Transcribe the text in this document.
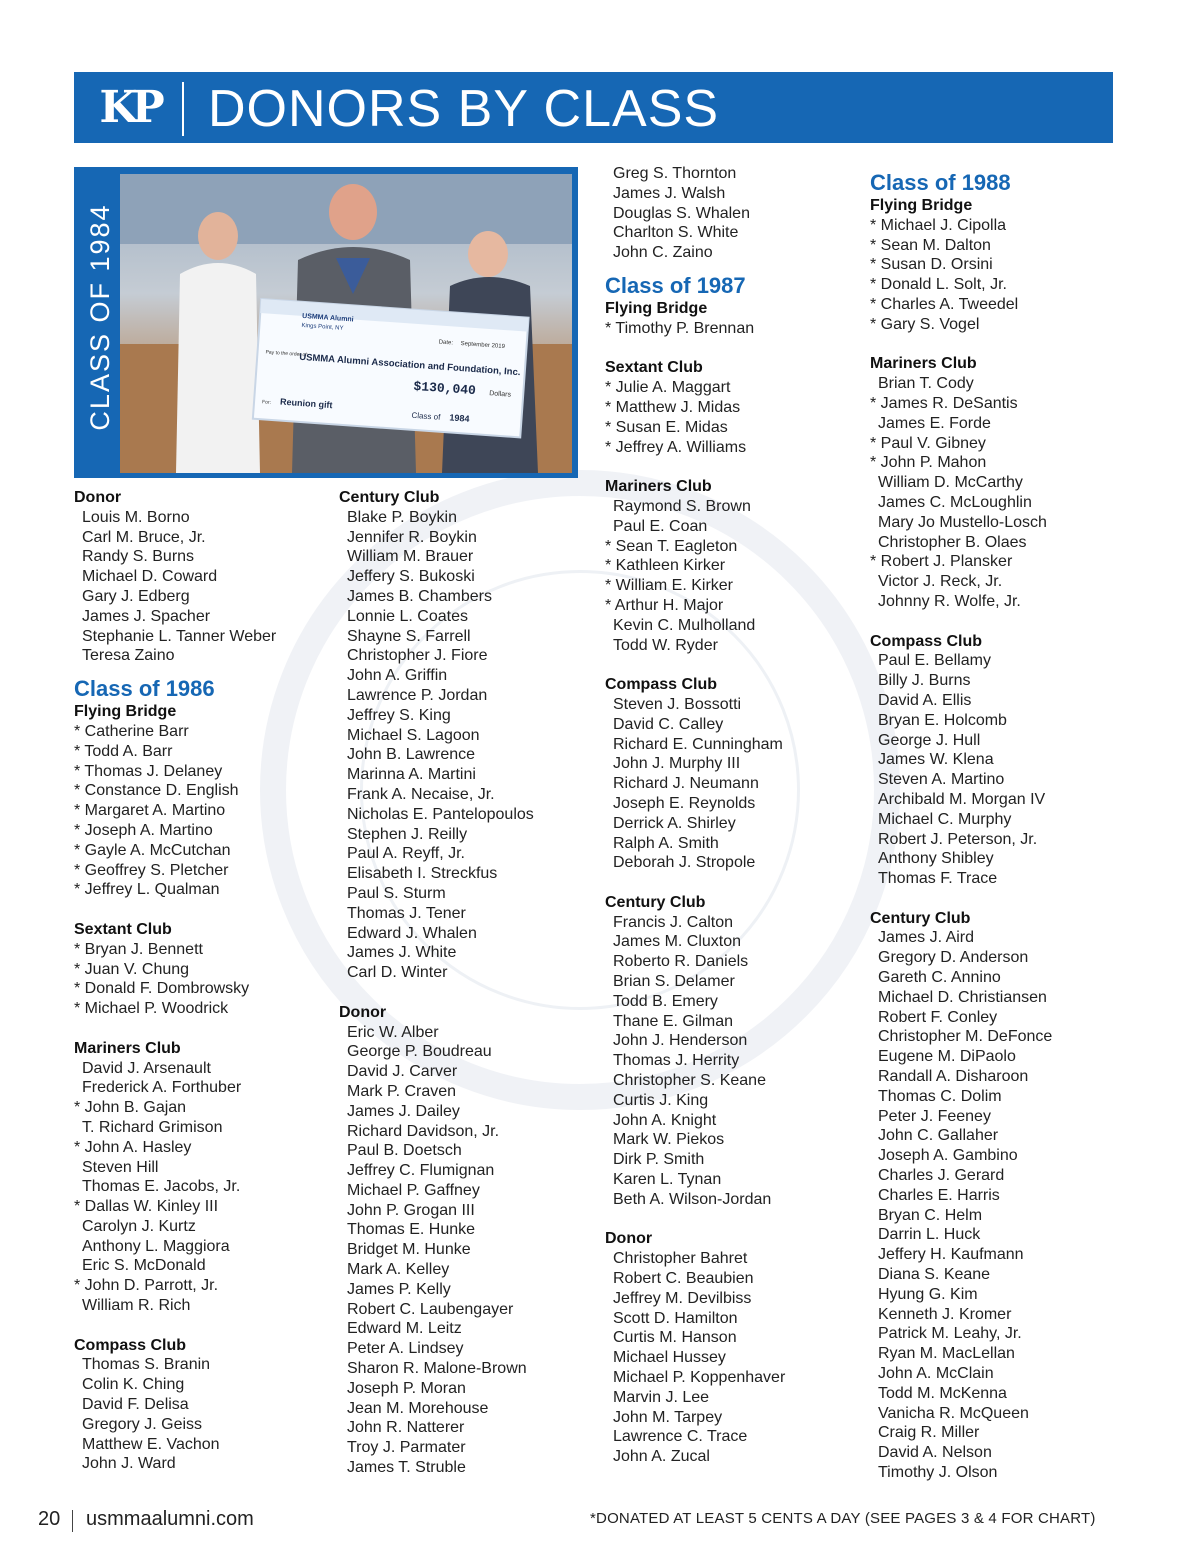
KP DONORS BY CLASS
CLASS OF 1984	USMMA Alumni
Kings Point, NY
Date: September 2019
Pay to the order of:
USMMA Alumni Association and Foundation, Inc.
$130,040 Dollars
For: Reunion gift
Class of 1984
Donor
Louis M. Borno
Carl M. Bruce, Jr.
Randy S. Burns
Michael D. Coward
Gary J. Edberg
James J. Spacher
Stephanie L. Tanner Weber
Teresa Zaino
Class of 1986
Flying Bridge
* Catherine Barr
* Todd A. Barr
* Thomas J. Delaney
* Constance D. English
* Margaret A. Martino
* Joseph A. Martino
* Gayle A. McCutchan
* Geoffrey S. Pletcher
* Jeffrey L. Qualman
Sextant Club
* Bryan J. Bennett
* Juan V. Chung
* Donald F. Dombrowsky
* Michael P. Woodrick
Mariners Club
David J. Arsenault
Frederick A. Forthuber
* John B. Gajan
T. Richard Grimison
* John A. Hasley
Steven Hill
Thomas E. Jacobs, Jr.
* Dallas W. Kinley III
Carolyn J. Kurtz
Anthony L. Maggiora
Eric S. McDonald
* John D. Parrott, Jr.
William R. Rich
Compass Club
Thomas S. Branin
Colin K. Ching
David F. Delisa
Gregory J. Geiss
Matthew E. Vachon
John J. Ward
Century Club
Blake P. Boykin
Jennifer R. Boykin
William M. Brauer
Jeffery S. Bukoski
James B. Chambers
Lonnie L. Coates
Shayne S. Farrell
Christopher J. Fiore
John A. Griffin
Lawrence P. Jordan
Jeffrey S. King
Michael S. Lagoon
John B. Lawrence
Marinna A. Martini
Frank A. Necaise, Jr.
Nicholas E. Pantelopoulos
Stephen J. Reilly
Paul A. Reyff, Jr.
Elisabeth I. Streckfus
Paul S. Sturm
Thomas J. Tener
Edward J. Whalen
James J. White
Carl D. Winter
Donor
Eric W. Alber
George P. Boudreau
David J. Carver
Mark P. Craven
James J. Dailey
Richard Davidson, Jr.
Paul B. Doetsch
Jeffrey C. Flumignan
Michael P. Gaffney
John P. Grogan III
Thomas E. Hunke
Bridget M. Hunke
Mark A. Kelley
James P. Kelly
Robert C. Laubengayer
Edward M. Leitz
Peter A. Lindsey
Sharon R. Malone-Brown
Joseph P. Moran
Jean M. Morehouse
John R. Natterer
Troy J. Parmater
James T. Struble
Greg S. Thornton
James J. Walsh
Douglas S. Whalen
Charlton S. White
John C. Zaino
Class of 1987
Flying Bridge
* Timothy P. Brennan
Sextant Club
* Julie A. Maggart
* Matthew J. Midas
* Susan E. Midas
* Jeffrey A. Williams
Mariners Club
Raymond S. Brown
Paul E. Coan
* Sean T. Eagleton
* Kathleen Kirker
* William E. Kirker
* Arthur H. Major
Kevin C. Mulholland
Todd W. Ryder
Compass Club
Steven J. Bossotti
David C. Calley
Richard E. Cunningham
John J. Murphy III
Richard J. Neumann
Joseph E. Reynolds
Derrick A. Shirley
Ralph A. Smith
Deborah J. Stropole
Century Club
Francis J. Calton
James M. Cluxton
Roberto R. Daniels
Brian S. Delamer
Todd B. Emery
Thane E. Gilman
John J. Henderson
Thomas J. Herrity
Christopher S. Keane
Curtis J. King
John A. Knight
Mark W. Piekos
Dirk P. Smith
Karen L. Tynan
Beth A. Wilson-Jordan
Donor
Christopher Bahret
Robert C. Beaubien
Jeffrey M. Devilbiss
Scott D. Hamilton
Curtis M. Hanson
Michael Hussey
Michael P. Koppenhaver
Marvin J. Lee
John M. Tarpey
Lawrence C. Trace
John A. Zucal
Class of 1988
Flying Bridge
* Michael J. Cipolla
* Sean M. Dalton
* Susan D. Orsini
* Donald L. Solt, Jr.
* Charles A. Tweedel
* Gary S. Vogel
Mariners Club
Brian T. Cody
* James R. DeSantis
James E. Forde
* Paul V. Gibney
* John P. Mahon
William D. McCarthy
James C. McLoughlin
Mary Jo Mustello-Losch
Christopher B. Olaes
* Robert J. Plansker
Victor J. Reck, Jr.
Johnny R. Wolfe, Jr.
Compass Club
Paul E. Bellamy
Billy J. Burns
David A. Ellis
Bryan E. Holcomb
George J. Hull
James W. Klena
Steven A. Martino
Archibald M. Morgan IV
Michael C. Murphy
Robert J. Peterson, Jr.
Anthony Shibley
Thomas F. Trace
Century Club
James J. Aird
Gregory D. Anderson
Gareth C. Annino
Michael D. Christiansen
Robert F. Conley
Christopher M. DeFonce
Eugene M. DiPaolo
Randall A. Disharoon
Thomas C. Dolim
Peter J. Feeney
John C. Gallaher
Joseph A. Gambino
Charles J. Gerard
Charles E. Harris
Bryan C. Helm
Darrin L. Huck
Jeffery H. Kaufmann
Diana S. Keane
Hyung G. Kim
Kenneth J. Kromer
Patrick M. Leahy, Jr.
Ryan M. MacLellan
John A. McClain
Todd M. McKenna
Vanicha R. McQueen
Craig R. Miller
David A. Nelson
Timothy J. Olson
20 usmmaalumni.com	*DONATED AT LEAST 5 CENTS A DAY (SEE PAGES 3 & 4 FOR CHART)
